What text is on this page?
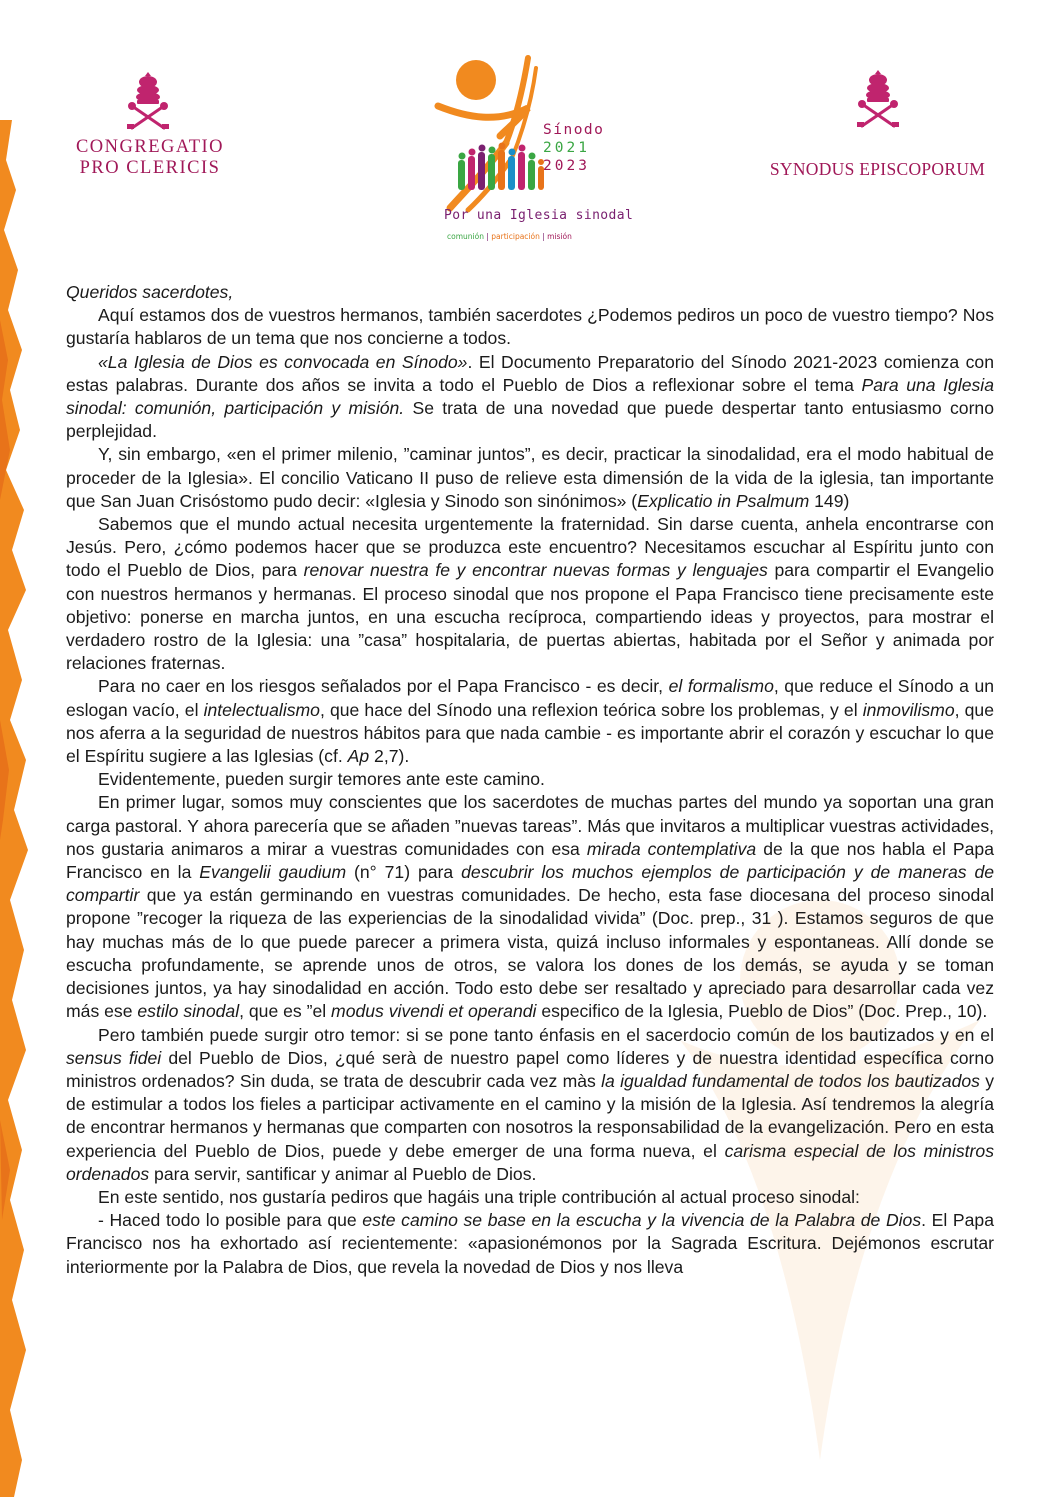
CONGREGATIO
PRO CLERICIS
Sínodo
2021
2023
Por una Iglesia sinodal
comunión | participación | misión
SYNODUS EPISCOPORUM

Queridos sacerdotes,

Aquí estamos dos de vuestros hermanos, también sacerdotes ¿Podemos pediros un poco de vuestro tiempo? Nos gustaría hablaros de un tema que nos concierne a todos.

«La Iglesia de Dios es convocada en Sínodo». El Documento Preparatorio del Sínodo 2021-2023 comienza con estas palabras. Durante dos años se invita a todo el Pueblo de Dios a reflexionar sobre el tema Para una Iglesia sinodal: comunión, participación y misión. Se trata de una novedad que puede despertar tanto entusiasmo corno perplejidad.

Y, sin embargo, «en el primer milenio, ”caminar juntos”, es decir, practicar la sinodalidad, era el modo habitual de proceder de la Iglesia». El concilio Vaticano II puso de relieve esta dimensión de la vida de la iglesia, tan importante que San Juan Crisóstomo pudo decir: «Iglesia y Sinodo son sinónimos» (Explicatio in Psalmum 149)

Sabemos que el mundo actual necesita urgentemente la fraternidad. Sin darse cuenta, anhela encontrarse con Jesús. Pero, ¿cómo podemos hacer que se produzca este encuentro? Necesitamos escuchar al Espíritu junto con todo el Pueblo de Dios, para renovar nuestra fe y encontrar nuevas formas y lenguajes para compartir el Evangelio con nuestros hermanos y hermanas. El proceso sinodal que nos propone el Papa Francisco tiene precisamente este objetivo: ponerse en marcha juntos, en una escucha recíproca, compartiendo ideas y proyectos, para mostrar el verdadero rostro de la Iglesia: una ”casa” hospitalaria, de puertas abiertas, habitada por el Señor y animada por relaciones fraternas.

Para no caer en los riesgos señalados por el Papa Francisco - es decir, el formalismo, que reduce el Sínodo a un eslogan vacío, el intelectualismo, que hace del Sínodo una reflexion teórica sobre los problemas, y el inmovilismo, que nos aferra a la seguridad de nuestros hábitos para que nada cambie - es importante abrir el corazón y escuchar lo que el Espíritu sugiere a las Iglesias (cf. Ap 2,7).

Evidentemente, pueden surgir temores ante este camino.

En primer lugar, somos muy conscientes que los sacerdotes de muchas partes del mundo ya soportan una gran carga pastoral. Y ahora parecería que se añaden ”nuevas tareas”. Más que invitaros a multiplicar vuestras actividades, nos gustaria animaros a mirar a vuestras comunidades con esa mirada contemplativa de la que nos habla el Papa Francisco en la Evangelii gaudium (n° 71) para descubrir los muchos ejemplos de participación y de maneras de compartir que ya están germinando en vuestras comunidades. De hecho, esta fase diocesana del proceso sinodal propone ”recoger la riqueza de las experiencias de la sinodalidad vivida” (Doc. prep., 31 ). Estamos seguros de que hay muchas más de lo que puede parecer a primera vista, quizá incluso informales y espontaneas. Allí donde se escucha profundamente, se aprende unos de otros, se valora los dones de los demás, se ayuda y se toman decisiones juntos, ya hay sinodalidad en acción. Todo esto debe ser resaltado y apreciado para desarrollar cada vez más ese estilo sinodal, que es ”el modus vivendi et operandi especifico de la Iglesia, Pueblo de Dios” (Doc. Prep., 10).

Pero también puede surgir otro temor: si se pone tanto énfasis en el sacerdocio común de los bautizados y en el sensus fidei del Pueblo de Dios, ¿qué serà de nuestro papel como líderes y de nuestra identidad específica corno ministros ordenados? Sin duda, se trata de descubrir cada vez màs la igualdad fundamental de todos los bautizados y de estimular a todos los fieles a participar activamente en el camino y la misión de la Iglesia. Así tendremos la alegría de encontrar hermanos y hermanas que comparten con nosotros la responsabilidad de la evangelización. Pero en esta experiencia del Pueblo de Dios, puede y debe emerger de una forma nueva, el carisma especial de los ministros ordenados para servir, santificar y animar al Pueblo de Dios.

En este sentido, nos gustaría pediros que hagáis una triple contribución al actual proceso sinodal:

- Haced todo lo posible para que este camino se base en la escucha y la vivencia de la Palabra de Dios. El Papa Francisco nos ha exhortado así recientemente: «apasionémonos por la Sagrada Escritura. Dejémonos escrutar interiormente por la Palabra de Dios, que revela la novedad de Dios y nos lleva
